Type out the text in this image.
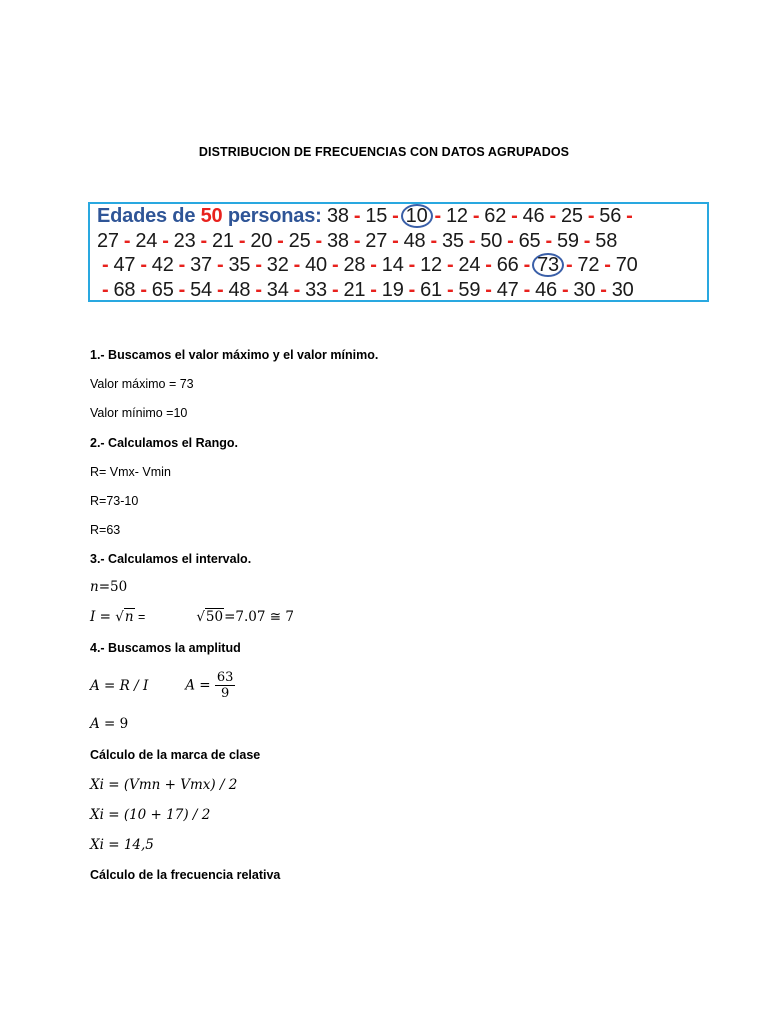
DISTRIBUCION DE FRECUENCIAS CON DATOS AGRUPADOS
Edades de 50 personas: 38 - 15 - 10 - 12 - 62 - 46 - 25 - 56 -
27 - 24 - 23 - 21 - 20 - 25 - 38 - 27 - 48 - 35 - 50 - 65 - 59 - 58
- 47 - 42 - 37 - 35 - 32 - 40 - 28 - 14 - 12 - 24 - 66 - 73 - 72 - 70
- 68 - 65 - 54 - 48 - 34 - 33 - 21 - 19 - 61 - 59 - 47 - 46 - 30 - 30
1.- Buscamos el valor máximo y el valor mínimo.
Valor máximo = 73
Valor mínimo =10
2.- Calculamos el Rango.
R= Vmx- Vmin
R=73-10
R=63
3.- Calculamos el intervalo.
n=50
I = √n =	√50=7.07 ≅ 7
4.- Buscamos la amplitud
A = R / I	$A = \frac{63}{9}$
A = 9
Cálculo de la marca de clase
Xi = (Vmn + Vmx) / 2
Xi = (10 + 17) / 2
Xi = 14,5
Cálculo de la frecuencia relativa
